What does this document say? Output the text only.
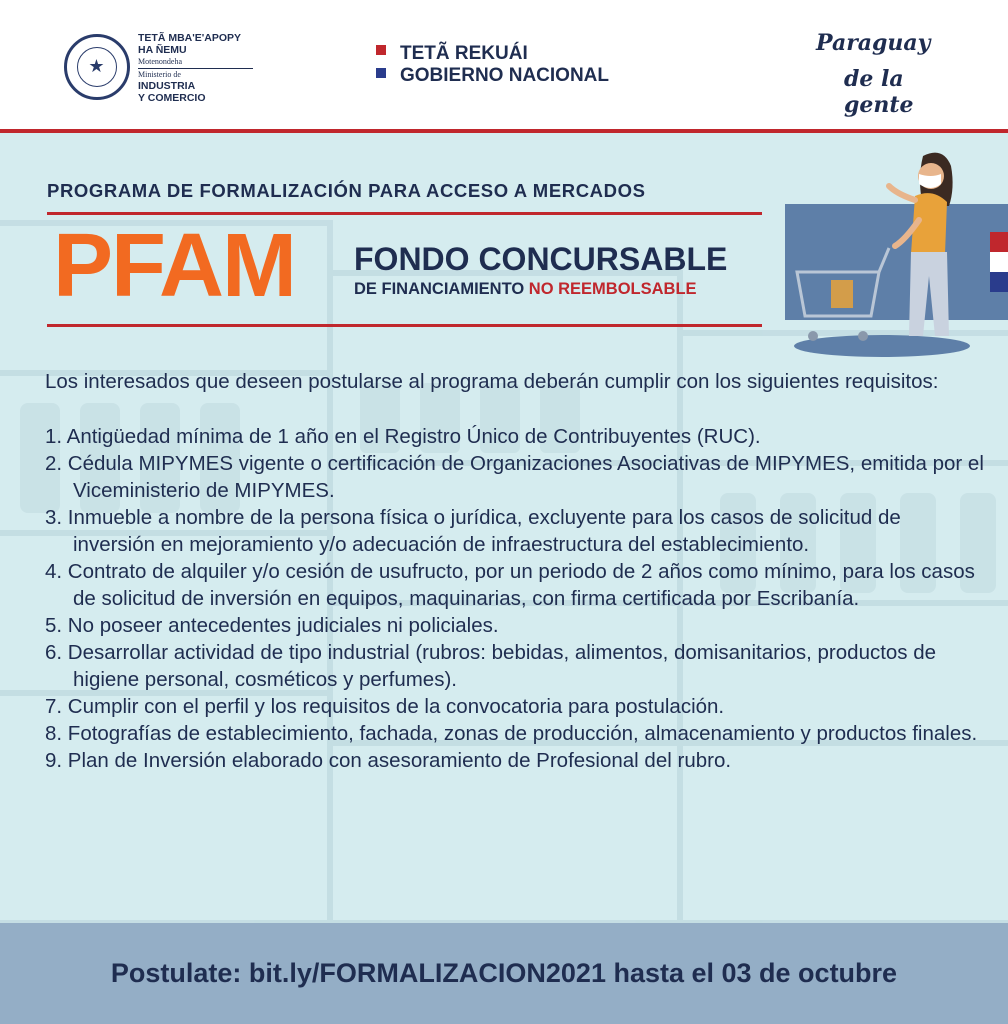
★
TETÃ MBA'E'APOPY
HA ÑEMU
Motenondeha
Ministerio de
INDUSTRIA
Y COMERCIO
TETÃ REKUÁI
GOBIERNO NACIONAL
Paraguay
de la gente
PROGRAMA DE FORMALIZACIÓN PARA ACCESO A MERCADOS
PFAM FONDO CONCURSABLE
DE FINANCIAMIENTO NO REEMBOLSABLE

Los interesados que deseen postularse al programa deberán cumplir con los siguientes requisitos:

1. Antigüedad mínima de 1 año en el Registro Único de Contribuyentes (RUC).
2. Cédula MIPYMES vigente o certificación de Organizaciones Asociativas de MIPYMES, emitida por el Viceministerio de MIPYMES.
3. Inmueble a nombre de la persona física o jurídica, excluyente para los casos de solicitud de inversión en mejoramiento y/o adecuación de infraestructura del establecimiento.
4. Contrato de alquiler y/o cesión de usufructo, por un periodo de 2 años como mínimo, para los casos de solicitud de inversión en equipos, maquinarias, con firma certificada por Escribanía.
5. No poseer antecedentes judiciales ni policiales.
6. Desarrollar actividad de tipo industrial (rubros: bebidas, alimentos, domisanitarios, productos de higiene personal, cosméticos y perfumes).
7. Cumplir con el perfil y los requisitos de la convocatoria para postulación.
8. Fotografías de establecimiento, fachada, zonas de producción, almacenamiento y productos finales.
9. Plan de Inversión elaborado con asesoramiento de Profesional del rubro.
Postulate: bit.ly/FORMALIZACION2021 hasta el 03 de octubre
